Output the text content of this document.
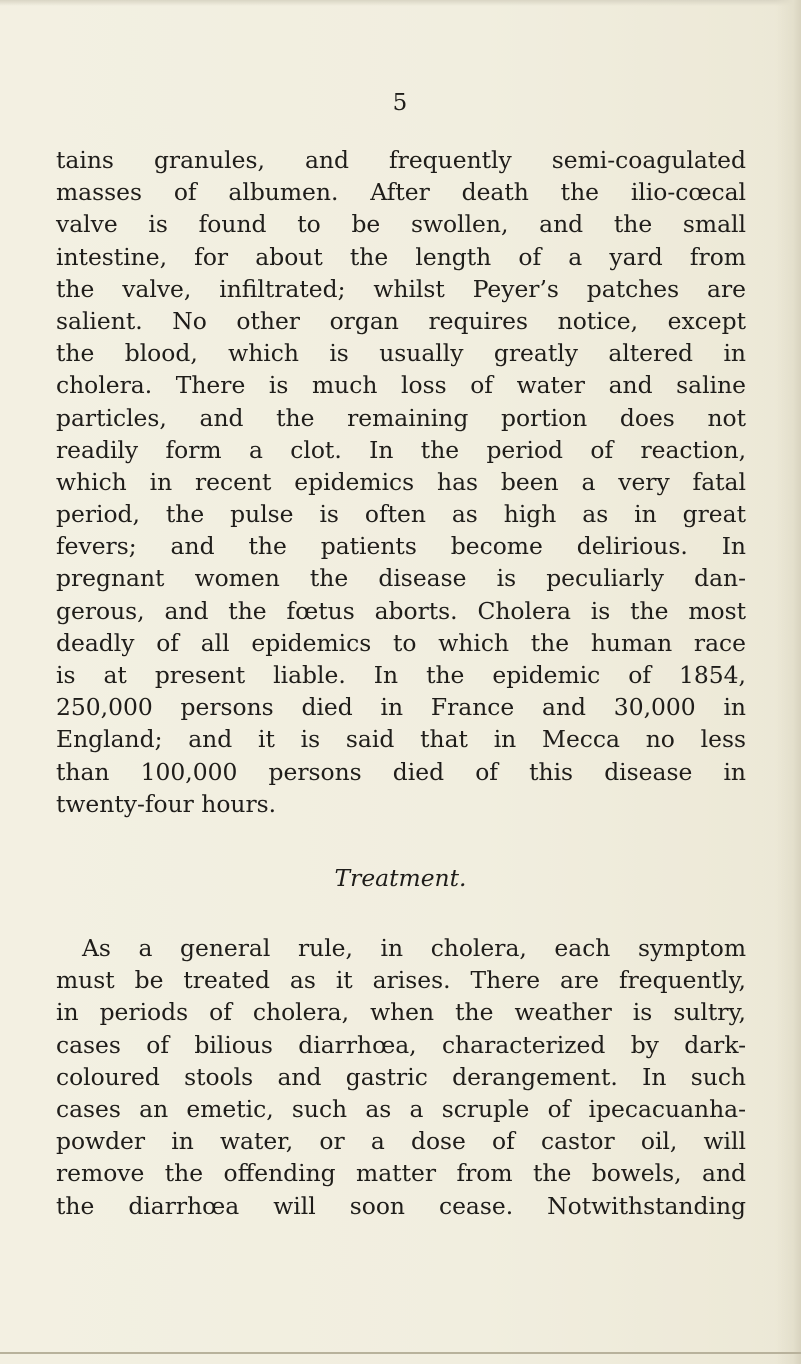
5
tains granules, and frequently semi-coagulated
masses of albumen. After death the ilio-cœcal
valve is found to be swollen, and the small
intestine, for about the length of a yard from
the valve, infiltrated; whilst Peyer’s patches are
salient. No other organ requires notice, except
the blood, which is usually greatly altered in
cholera. There is much loss of water and saline
particles, and the remaining portion does not
readily form a clot. In the period of reaction,
which in recent epidemics has been a very fatal
period, the pulse is often as high as in great
fevers; and the patients become delirious. In
pregnant women the disease is peculiarly dan-
gerous, and the fœtus aborts. Cholera is the most
deadly of all epidemics to which the human race
is at present liable. In the epidemic of 1854,
250,000 persons died in France and 30,000 in
England; and it is said that in Mecca no less
than 100,000 persons died of this disease in
twenty-four hours.
Treatment.
As a general rule, in cholera, each symptom
must be treated as it arises. There are frequently,
in periods of cholera, when the weather is sultry,
cases of bilious diarrhœa, characterized by dark-
coloured stools and gastric derangement. In such
cases an emetic, such as a scruple of ipecacuanha-
powder in water, or a dose of castor oil, will
remove the offending matter from the bowels, and
the diarrhœa will soon cease. Notwithstanding
